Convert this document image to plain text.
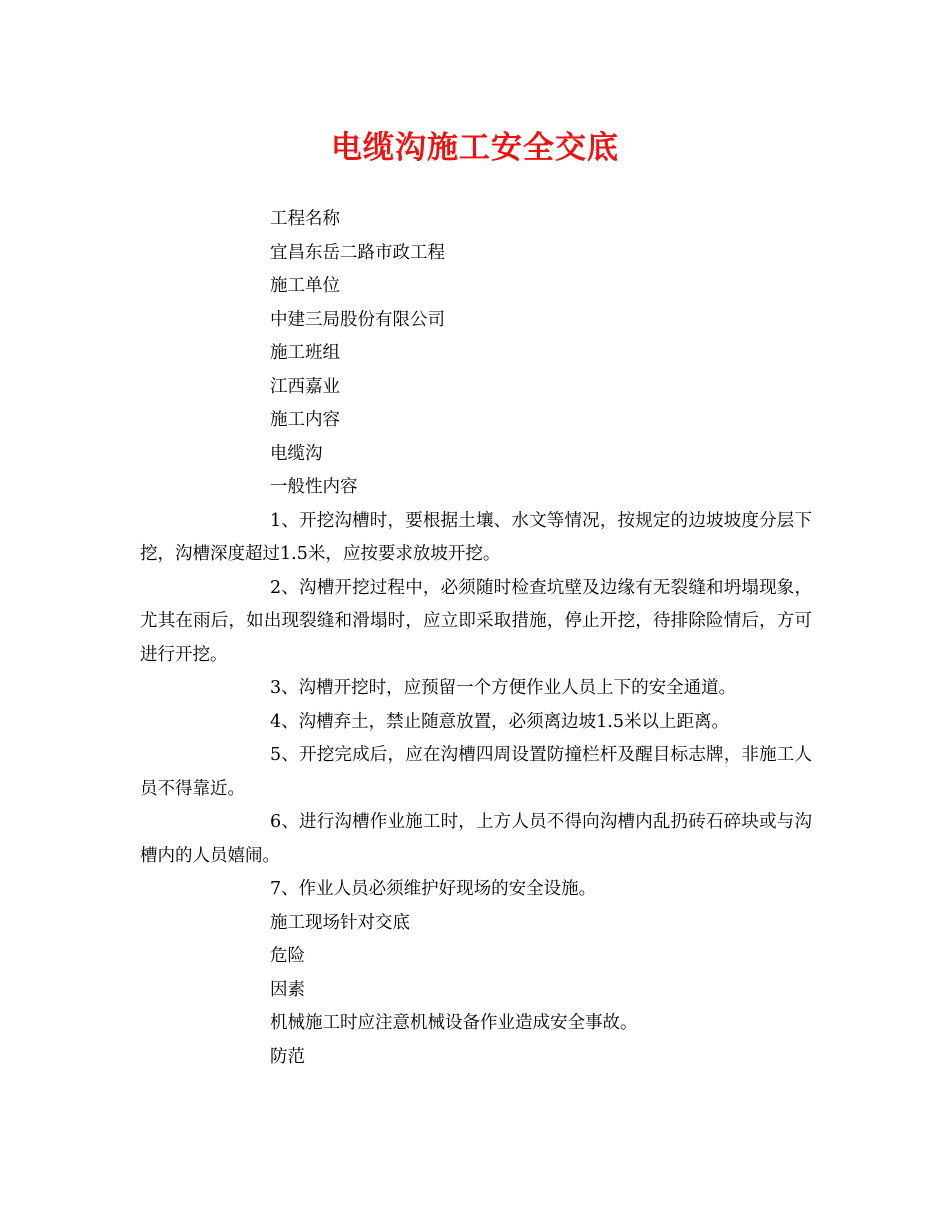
电缆沟施工安全交底

工程名称

宜昌东岳二路市政工程

施工单位

中建三局股份有限公司

施工班组

江西嘉业

施工内容

电缆沟

一般性内容

1、开挖沟槽时，要根据土壤、水文等情况，按规定的边坡坡度分层下挖，沟槽深度超过1.5米，应按要求放坡开挖。

2、沟槽开挖过程中，必须随时检查坑壁及边缘有无裂缝和坍塌现象，尤其在雨后，如出现裂缝和滑塌时，应立即采取措施，停止开挖，待排除险情后，方可进行开挖。

3、沟槽开挖时，应预留一个方便作业人员上下的安全通道。

4、沟槽弃土，禁止随意放置，必须离边坡1.5米以上距离。

5、开挖完成后，应在沟槽四周设置防撞栏杆及醒目标志牌，非施工人员不得靠近。

6、进行沟槽作业施工时，上方人员不得向沟槽内乱扔砖石碎块或与沟槽内的人员嬉闹。

7、作业人员必须维护好现场的安全设施。

施工现场针对交底

危险

因素

机械施工时应注意机械设备作业造成安全事故。

防范
